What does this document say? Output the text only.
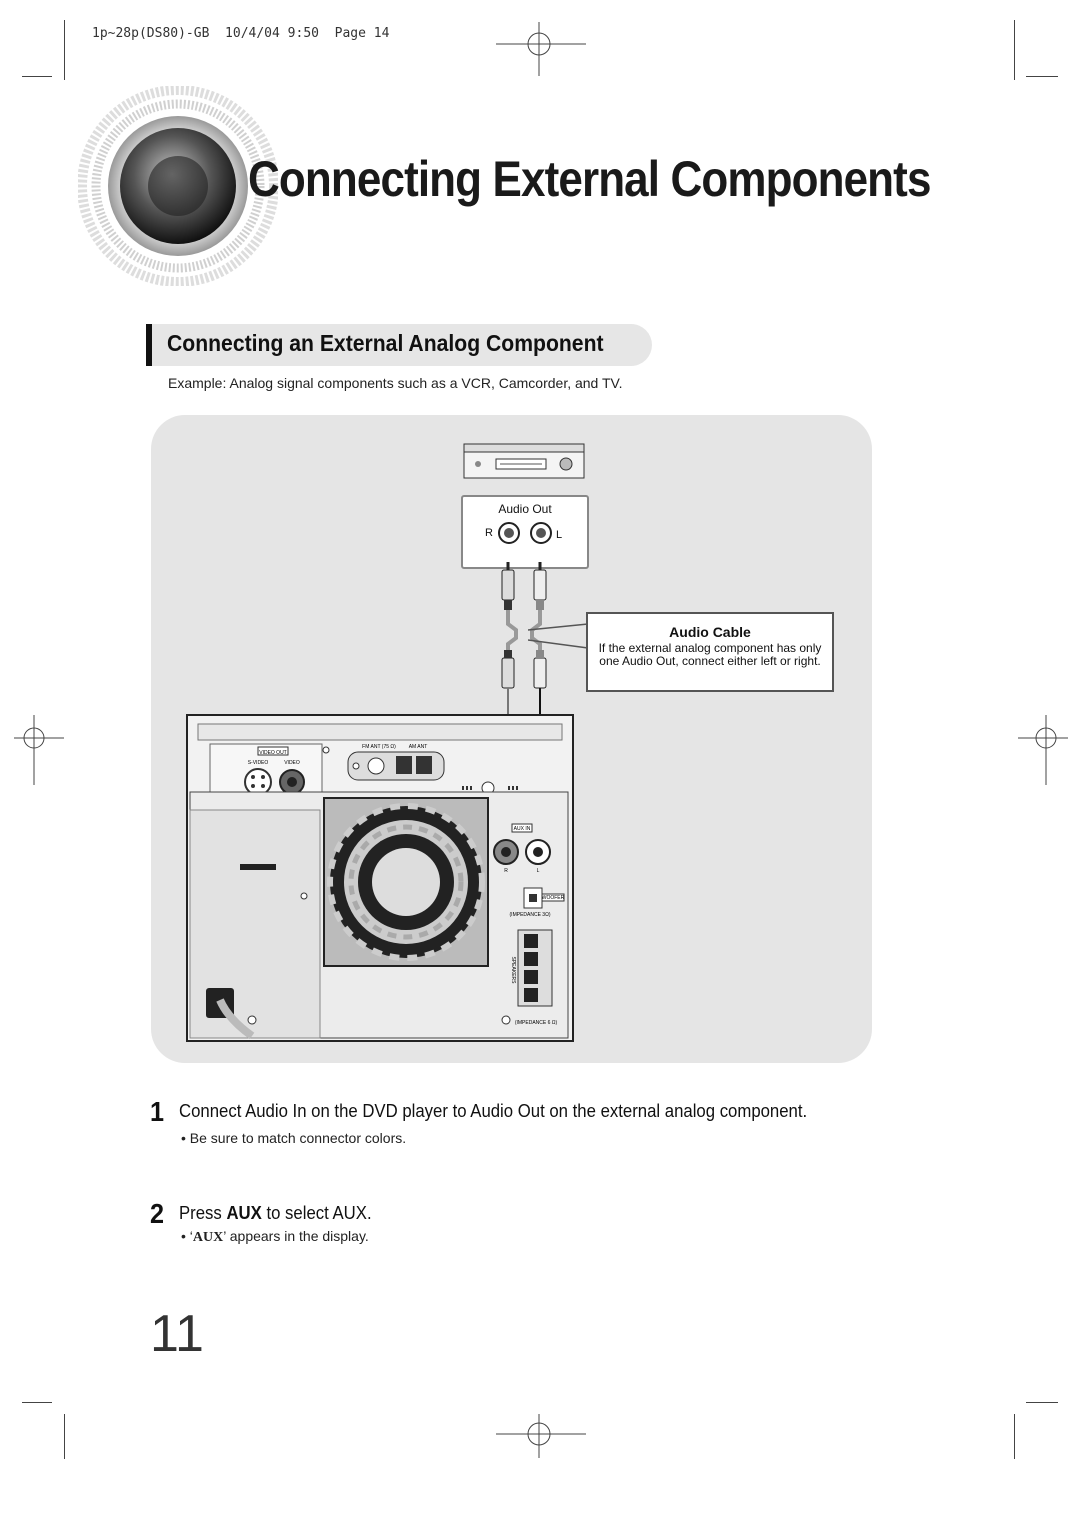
1p~28p(DS80)-GB  10/4/04 9:50  Page 14
Connecting External Components
Connecting an External Analog Component
Example: Analog signal components such as a VCR, Camcorder, and TV.
Audio Out
R	L
Audio Cable
If the external analog component has only one Audio Out, connect either left or right.
VIDEO OUT
S-VIDEO	VIDEO
FM ANT (75 Ω)	AM ANT
AUX IN
R	L
WOOFER
(IMPEDANCE 3Ω)
SPEAKERS
(IMPEDANCE 6 Ω)
1 Connect Audio In on the DVD player to Audio Out on the external analog component.
• Be sure to match connector colors.
2 Press AUX to select AUX.
• ‘AUX’ appears in the display.
11
